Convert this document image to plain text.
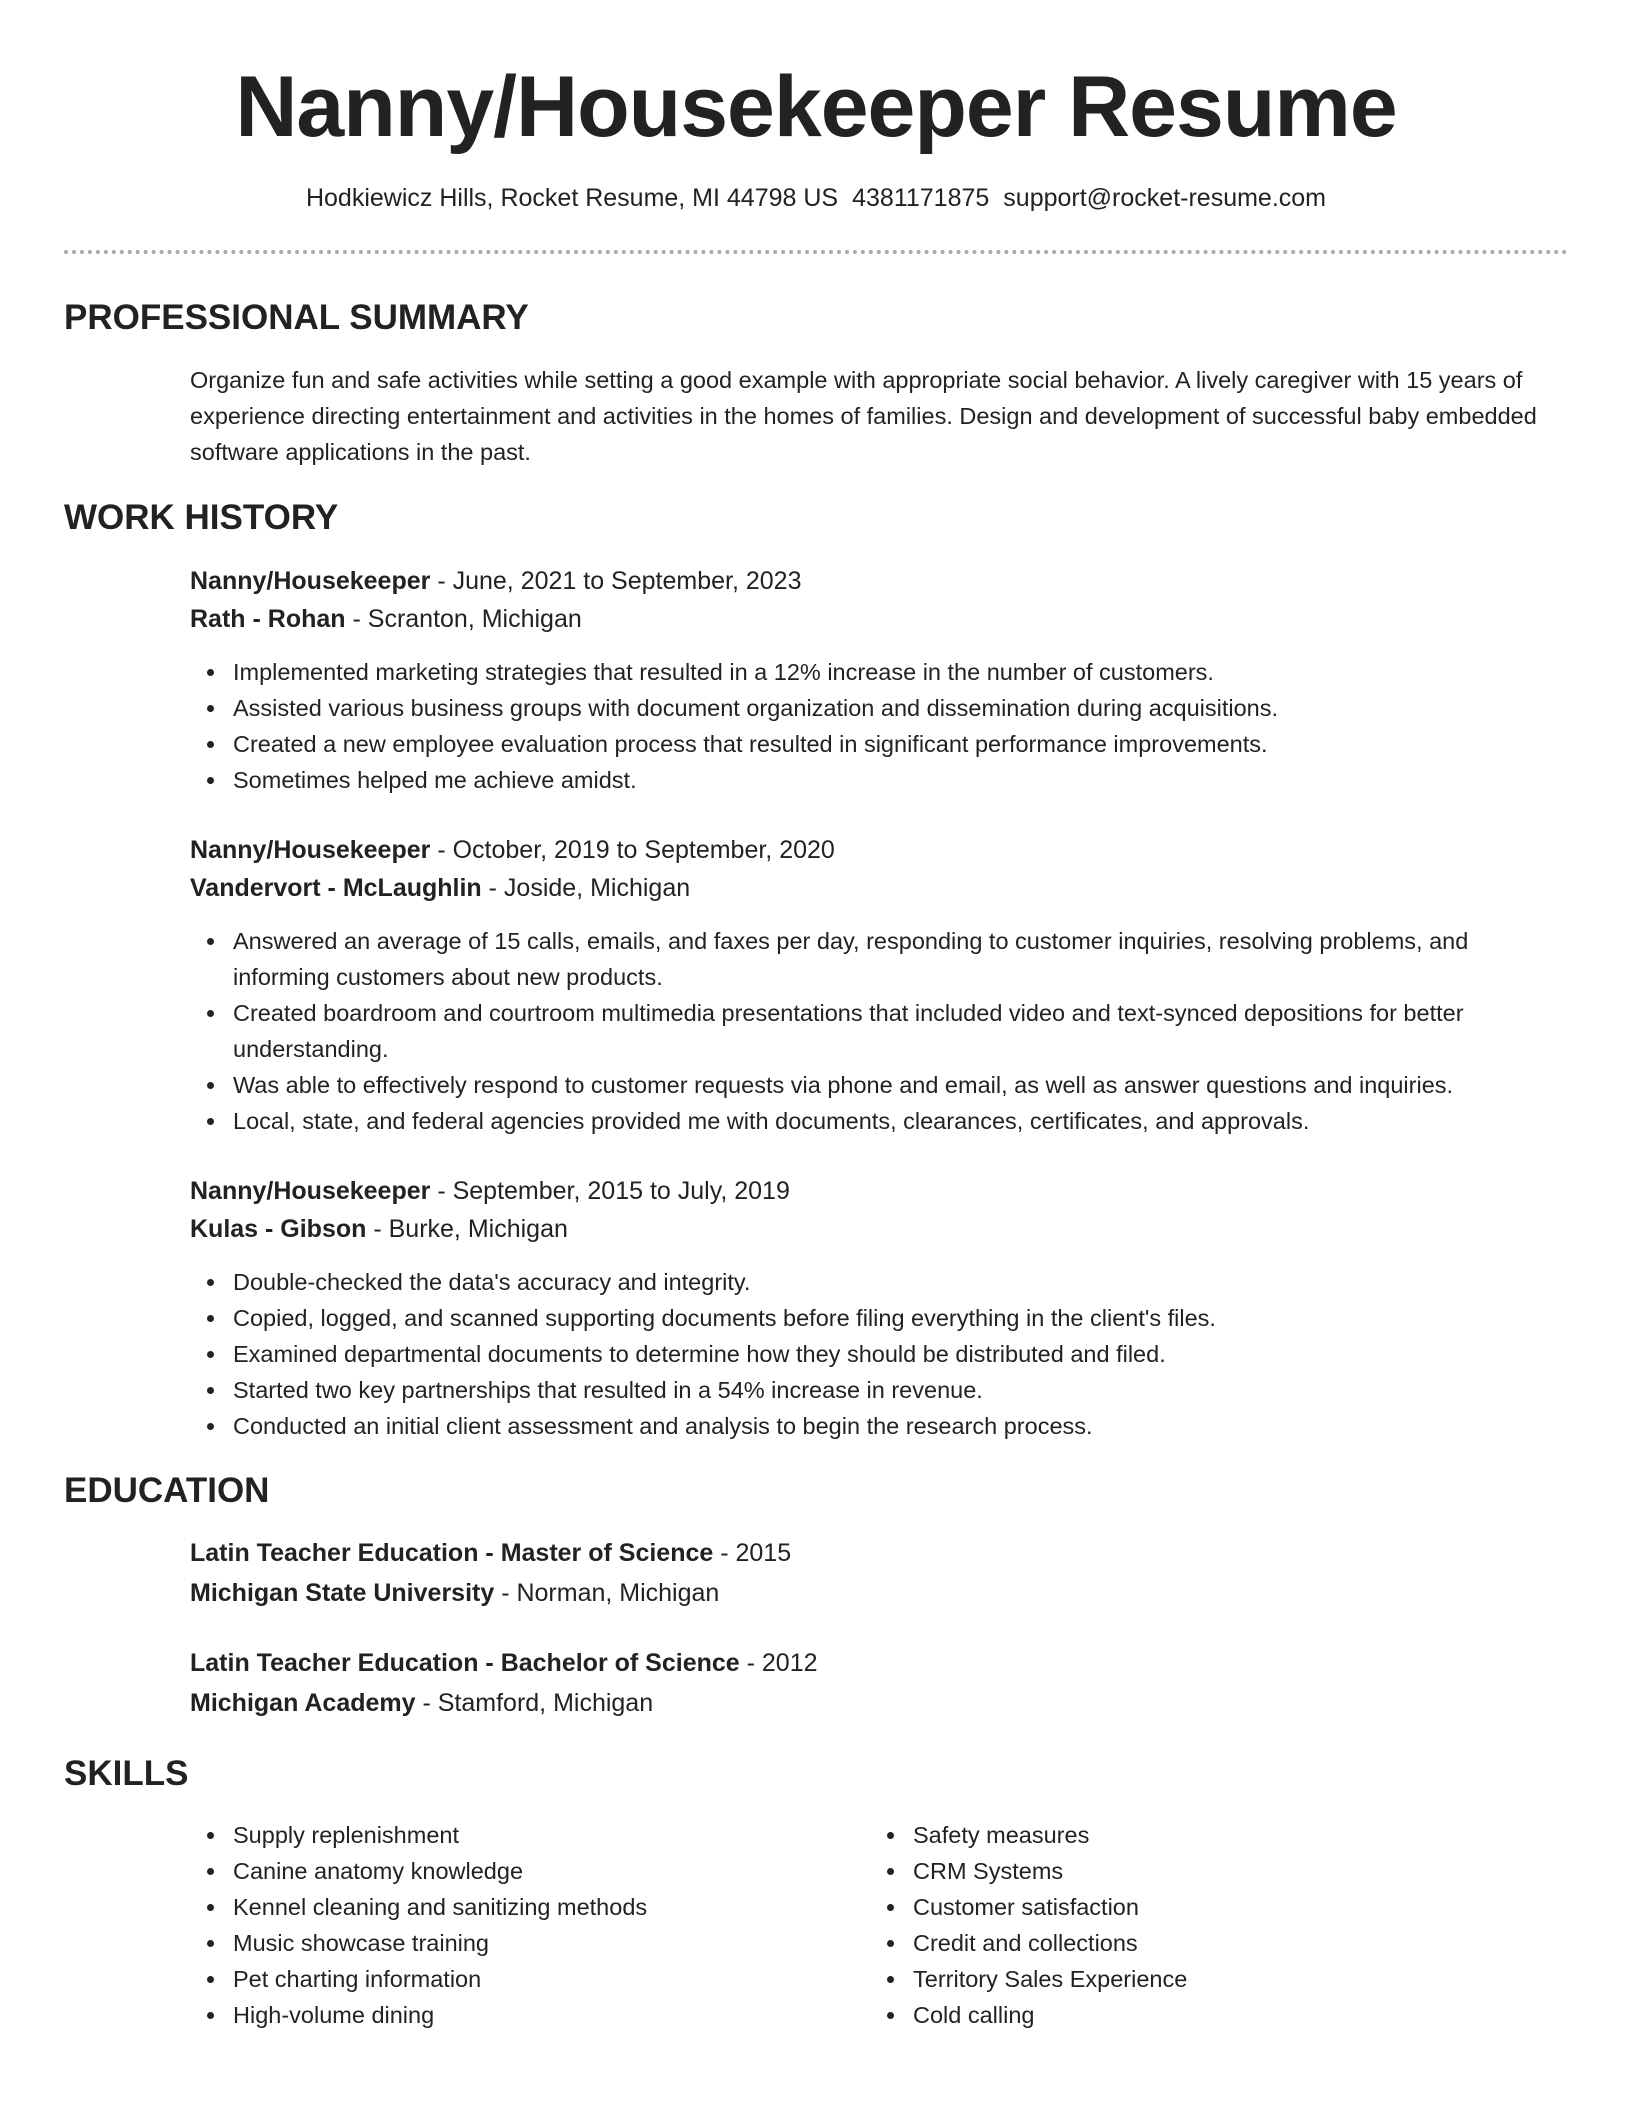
Nanny/Housekeeper Resume
Hodkiewicz Hills, Rocket Resume, MI 44798 US 4381171875 support@rocket-resume.com
PROFESSIONAL SUMMARY
Organize fun and safe activities while setting a good example with appropriate social behavior. A lively caregiver with 15 years of experience directing entertainment and activities in the homes of families. Design and development of successful baby embedded software applications in the past.
WORK HISTORY
Nanny/Housekeeper - June, 2021 to September, 2023
Rath - Rohan - Scranton, Michigan
Implemented marketing strategies that resulted in a 12% increase in the number of customers.
Assisted various business groups with document organization and dissemination during acquisitions.
Created a new employee evaluation process that resulted in significant performance improvements.
Sometimes helped me achieve amidst.
Nanny/Housekeeper - October, 2019 to September, 2020
Vandervort - McLaughlin - Joside, Michigan
Answered an average of 15 calls, emails, and faxes per day, responding to customer inquiries, resolving problems, and informing customers about new products.
Created boardroom and courtroom multimedia presentations that included video and text-synced depositions for better understanding.
Was able to effectively respond to customer requests via phone and email, as well as answer questions and inquiries.
Local, state, and federal agencies provided me with documents, clearances, certificates, and approvals.
Nanny/Housekeeper - September, 2015 to July, 2019
Kulas - Gibson - Burke, Michigan
Double-checked the data's accuracy and integrity.
Copied, logged, and scanned supporting documents before filing everything in the client's files.
Examined departmental documents to determine how they should be distributed and filed.
Started two key partnerships that resulted in a 54% increase in revenue.
Conducted an initial client assessment and analysis to begin the research process.
EDUCATION
Latin Teacher Education - Master of Science - 2015
Michigan State University - Norman, Michigan
Latin Teacher Education - Bachelor of Science - 2012
Michigan Academy - Stamford, Michigan
SKILLS
Supply replenishment
Canine anatomy knowledge
Kennel cleaning and sanitizing methods
Music showcase training
Pet charting information
High-volume dining
Safety measures
CRM Systems
Customer satisfaction
Credit and collections
Territory Sales Experience
Cold calling
